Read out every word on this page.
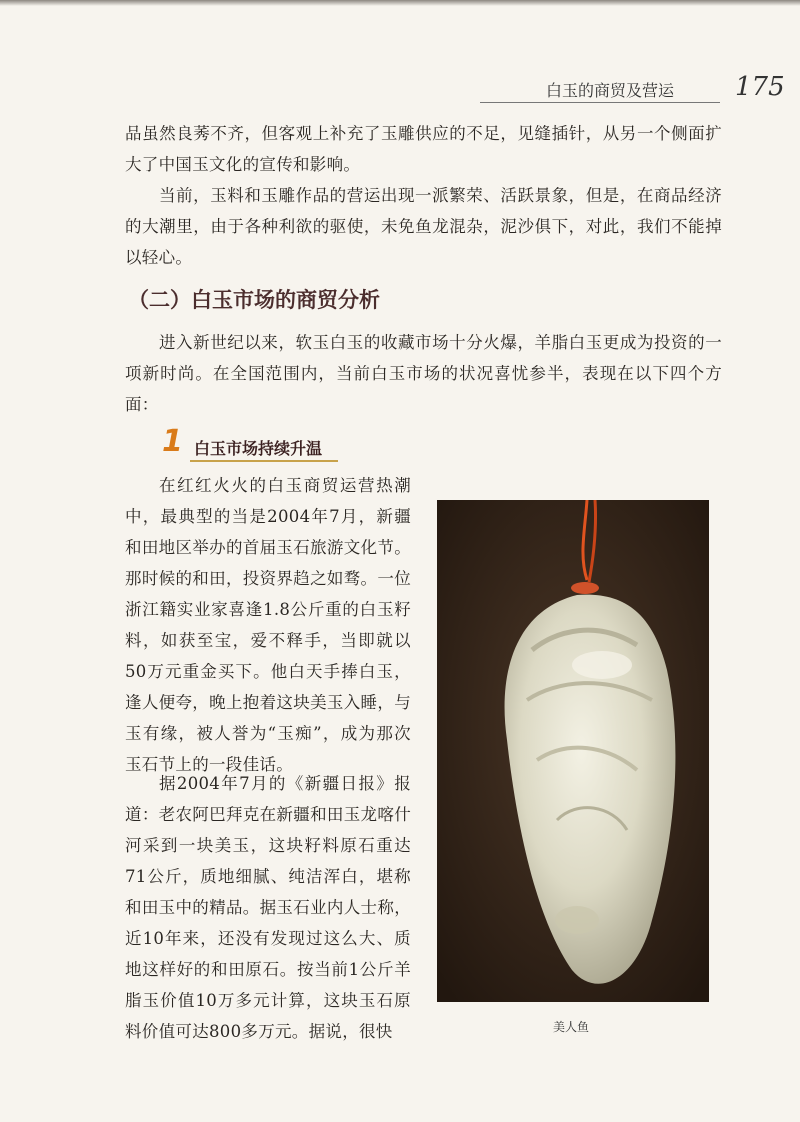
白玉的商贸及营运 175
品虽然良莠不齐，但客观上补充了玉雕供应的不足，见缝插针，从另一个侧面扩大了中国玉文化的宣传和影响。
当前，玉料和玉雕作品的营运出现一派繁荣、活跃景象，但是，在商品经济的大潮里，由于各种利欲的驱使，未免鱼龙混杂，泥沙俱下，对此，我们不能掉以轻心。
（二）白玉市场的商贸分析
进入新世纪以来，软玉白玉的收藏市场十分火爆，羊脂白玉更成为投资的一项新时尚。在全国范围内，当前白玉市场的状况喜忧参半，表现在以下四个方面：
1 白玉市场持续升温
在红红火火的白玉商贸运营热潮中，最典型的当是2004年7月，新疆和田地区举办的首届玉石旅游文化节。那时候的和田，投资界趋之如骛。一位浙江籍实业家喜逢1.8公斤重的白玉籽料，如获至宝，爱不释手，当即就以50万元重金买下。他白天手捧白玉，逢人便夸，晚上抱着这块美玉入睡，与玉有缘，被人誉为“玉痴”，成为那次玉石节上的一段佳话。
据2004年7月的《新疆日报》报道：老农阿巴拜克在新疆和田玉龙喀什河采到一块美玉，这块籽料原石重达71公斤，质地细腻、纯洁浑白，堪称和田玉中的精品。据玉石业内人士称，近10年来，还没有发现过这么大、质地这样好的和田原石。按当前1公斤羊脂玉价值10万多元计算，这块玉石原料价值可达800多万元。据说，很快	美人鱼
